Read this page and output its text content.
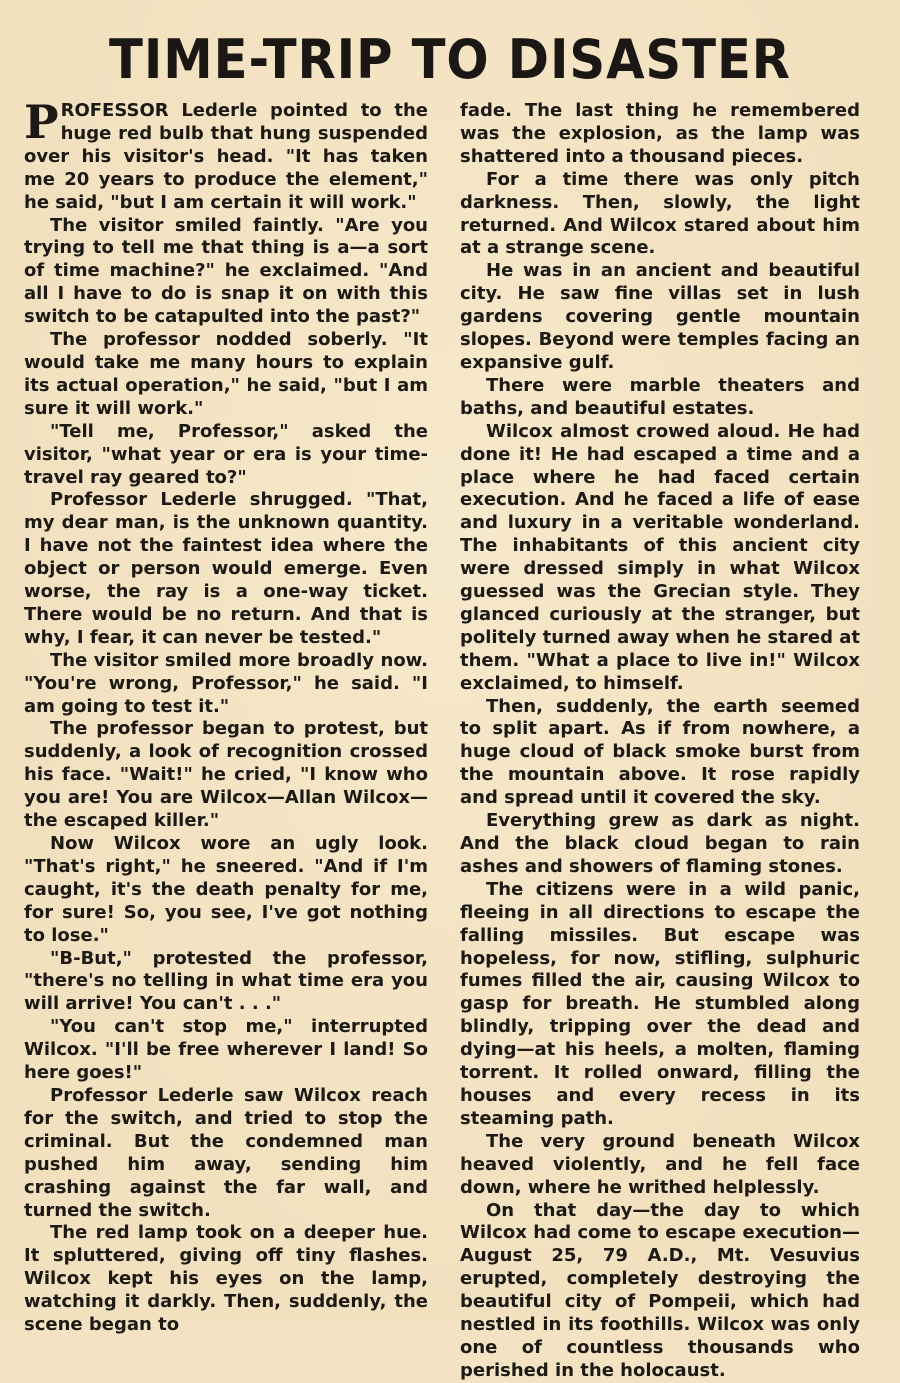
TIME-TRIP TO DISASTER

PROFESSOR Lederle pointed to the huge red bulb that hung suspended over his visitor's head. "It has taken me 20 years to produce the element," he said, "but I am certain it will work."

The visitor smiled faintly. "Are you trying to tell me that thing is a—a sort of time machine?" he exclaimed. "And all I have to do is snap it on with this switch to be catapulted into the past?"

The professor nodded soberly. "It would take me many hours to explain its actual operation," he said, "but I am sure it will work."

"Tell me, Professor," asked the visitor, "what year or era is your time-travel ray geared to?"

Professor Lederle shrugged. "That, my dear man, is the unknown quantity. I have not the faintest idea where the object or person would emerge. Even worse, the ray is a one-way ticket. There would be no return. And that is why, I fear, it can never be tested."

The visitor smiled more broadly now. "You're wrong, Professor," he said. "I am going to test it."

The professor began to protest, but suddenly, a look of recognition crossed his face. "Wait!" he cried, "I know who you are! You are Wilcox—Allan Wilcox—the escaped killer."

Now Wilcox wore an ugly look. "That's right," he sneered. "And if I'm caught, it's the death penalty for me, for sure! So, you see, I've got nothing to lose."

"B-But," protested the professor, "there's no telling in what time era you will arrive! You can't . . ."

"You can't stop me," interrupted Wilcox. "I'll be free wherever I land! So here goes!"

Professor Lederle saw Wilcox reach for the switch, and tried to stop the criminal. But the condemned man pushed him away, sending him crashing against the far wall, and turned the switch.

The red lamp took on a deeper hue. It spluttered, giving off tiny flashes. Wilcox kept his eyes on the lamp, watching it darkly. Then, suddenly, the scene began to

fade. The last thing he remembered was the explosion, as the lamp was shattered into a thousand pieces.

For a time there was only pitch darkness. Then, slowly, the light returned. And Wilcox stared about him at a strange scene.

He was in an ancient and beautiful city. He saw fine villas set in lush gardens covering gentle mountain slopes. Beyond were temples facing an expansive gulf.

There were marble theaters and baths, and beautiful estates.

Wilcox almost crowed aloud. He had done it! He had escaped a time and a place where he had faced certain execution. And he faced a life of ease and luxury in a veritable wonderland. The inhabitants of this ancient city were dressed simply in what Wilcox guessed was the Grecian style. They glanced curiously at the stranger, but politely turned away when he stared at them. "What a place to live in!" Wilcox exclaimed, to himself.

Then, suddenly, the earth seemed to split apart. As if from nowhere, a huge cloud of black smoke burst from the mountain above. It rose rapidly and spread until it covered the sky.

Everything grew as dark as night. And the black cloud began to rain ashes and showers of flaming stones.

The citizens were in a wild panic, fleeing in all directions to escape the falling missiles. But escape was hopeless, for now, stifling, sulphuric fumes filled the air, causing Wilcox to gasp for breath. He stumbled along blindly, tripping over the dead and dying—at his heels, a molten, flaming torrent. It rolled onward, filling the houses and every recess in its steaming path.

The very ground beneath Wilcox heaved violently, and he fell face down, where he writhed helplessly.

On that day—the day to which Wilcox had come to escape execution—August 25, 79 A.D., Mt. Vesuvius erupted, completely destroying the beautiful city of Pompeii, which had nestled in its foothills. Wilcox was only one of countless thousands who perished in the holocaust.
